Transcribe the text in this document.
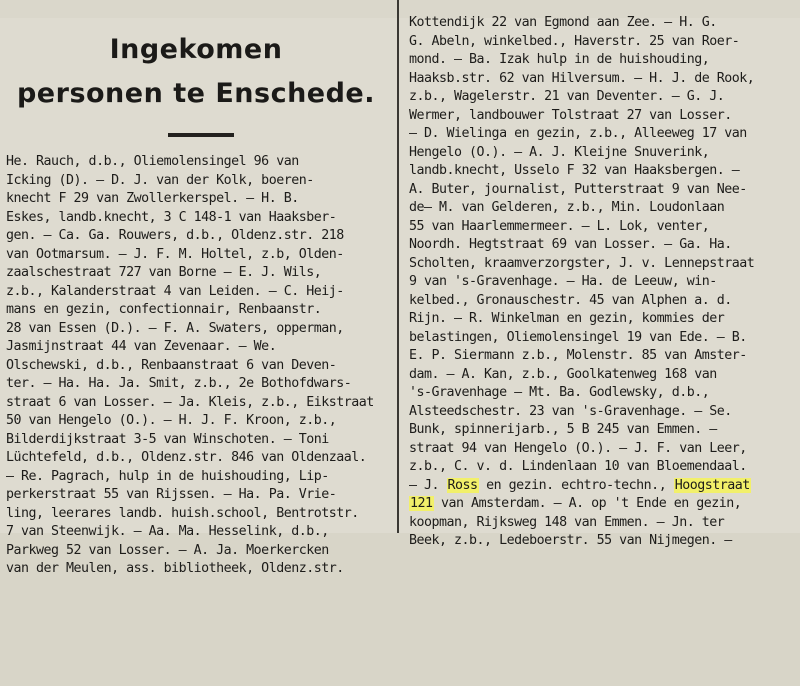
Ingekomen
personen te Enschede.
He. Rauch, d.b., Oliemolensingel 96 van
Icking (D). — D. J. van der Kolk, boeren-
knecht F 29 van Zwollerkerspel. — H. B.
Eskes, landb.knecht, 3 C 148-1 van Haaksber-
gen. — Ca. Ga. Rouwers, d.b., Oldenz.str. 218
van Ootmarsum. — J. F. M. Holtel, z.b, Olden-
zaalschestraat 727 van Borne — E. J. Wils,
z.b., Kalanderstraat 4 van Leiden. — C. Heij-
mans en gezin, confectionnair, Renbaanstr.
28 van Essen (D.). — F. A. Swaters, opperman,
Jasmijnstraat 44 van Zevenaar. — We.
Olschewski, d.b., Renbaanstraat 6 van Deven-
ter. — Ha. Ha. Ja. Smit, z.b., 2e Bothofdwars-
straat 6 van Losser. — Ja. Kleis, z.b., Eikstraat
50 van Hengelo (O.). — H. J. F. Kroon, z.b.,
Bilderdijkstraat 3-5 van Winschoten. — Toni
Lüchtefeld, d.b., Oldenz.str. 846 van Oldenzaal.
— Re. Pagrach, hulp in de huishouding, Lip-
perkerstraat 55 van Rijssen. — Ha. Pa. Vrie-
ling, leerares landb. huish.school, Bentrotstr.
7 van Steenwijk. — Aa. Ma. Hesselink, d.b.,
Parkweg 52 van Losser. — A. Ja. Moerkercken
van der Meulen, ass. bibliotheek, Oldenz.str.
Kottendijk 22 van Egmond aan Zee. — H. G.
G. Abeln, winkelbed., Haverstr. 25 van Roer-
mond. — Ba. Izak hulp in de huishouding,
Haaksb.str. 62 van Hilversum. — H. J. de Rook,
z.b., Wagelerstr. 21 van Deventer. — G. J.
Wermer, landbouwer Tolstraat 27 van Losser.
— D. Wielinga en gezin, z.b., Alleeweg 17 van
Hengelo (O.). — A. J. Kleijne Snuverink,
landb.knecht, Usselo F 32 van Haaksbergen. —
A. Buter, journalist, Putterstraat 9 van Nee-
de— M. van Gelderen, z.b., Min. Loudonlaan
55 van Haarlemmermeer. — L. Lok, venter,
Noordh. Hegtstraat 69 van Losser. — Ga. Ha.
Scholten, kraamverzorgster, J. v. Lennepstraat
9 van 's-Gravenhage. — Ha. de Leeuw, win-
kelbed., Gronauschestr. 45 van Alphen a. d.
Rijn. — R. Winkelman en gezin, kommies der
belastingen, Oliemolensingel 19 van Ede. — B.
E. P. Siermann z.b., Molenstr. 85 van Amster-
dam. — A. Kan, z.b., Goolkatenweg 168 van
's-Gravenhage — Mt. Ba. Godlewsky, d.b.,
Alsteedschestr. 23 van 's-Gravenhage. — Se.
Bunk, spinnerijarb., 5 B 245 van Emmen. —
straat 94 van Hengelo (O.). — J. F. van Leer,
z.b., C. v. d. Lindenlaan 10 van Bloemendaal.
— J. Ross en gezin. echtro-techn., Hoogstraat
121 van Amsterdam. — A. op 't Ende en gezin,
koopman, Rijksweg 148 van Emmen. — Jn. ter
Beek, z.b., Ledeboerstr. 55 van Nijmegen. —
